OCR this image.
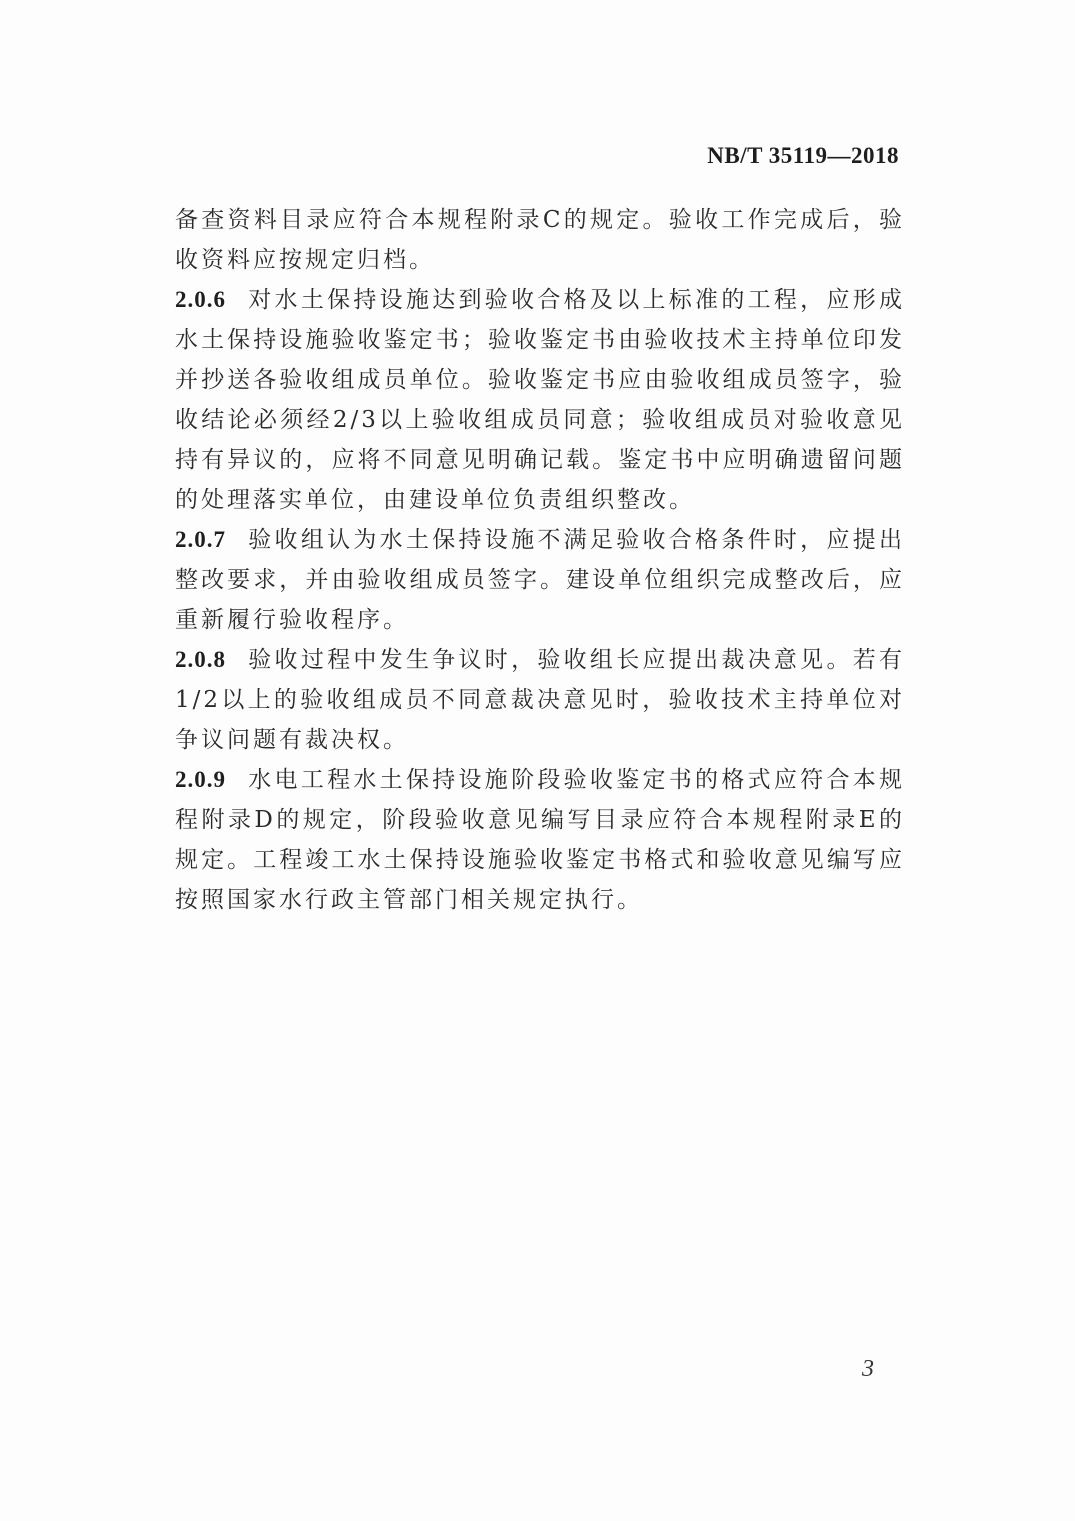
NB/T 35119—2018

备查资料目录应符合本规程附录C的规定。验收工作完成后，验收资料应按规定归档。

2.0.6 对水土保持设施达到验收合格及以上标准的工程，应形成水土保持设施验收鉴定书；验收鉴定书由验收技术主持单位印发并抄送各验收组成员单位。验收鉴定书应由验收组成员签字，验收结论必须经2/3以上验收组成员同意；验收组成员对验收意见持有异议的，应将不同意见明确记载。鉴定书中应明确遗留问题的处理落实单位，由建设单位负责组织整改。

2.0.7 验收组认为水土保持设施不满足验收合格条件时，应提出整改要求，并由验收组成员签字。建设单位组织完成整改后，应重新履行验收程序。

2.0.8 验收过程中发生争议时，验收组长应提出裁决意见。若有1/2以上的验收组成员不同意裁决意见时，验收技术主持单位对争议问题有裁决权。

2.0.9 水电工程水土保持设施阶段验收鉴定书的格式应符合本规程附录D的规定，阶段验收意见编写目录应符合本规程附录E的规定。工程竣工水土保持设施验收鉴定书格式和验收意见编写应按照国家水行政主管部门相关规定执行。

3
